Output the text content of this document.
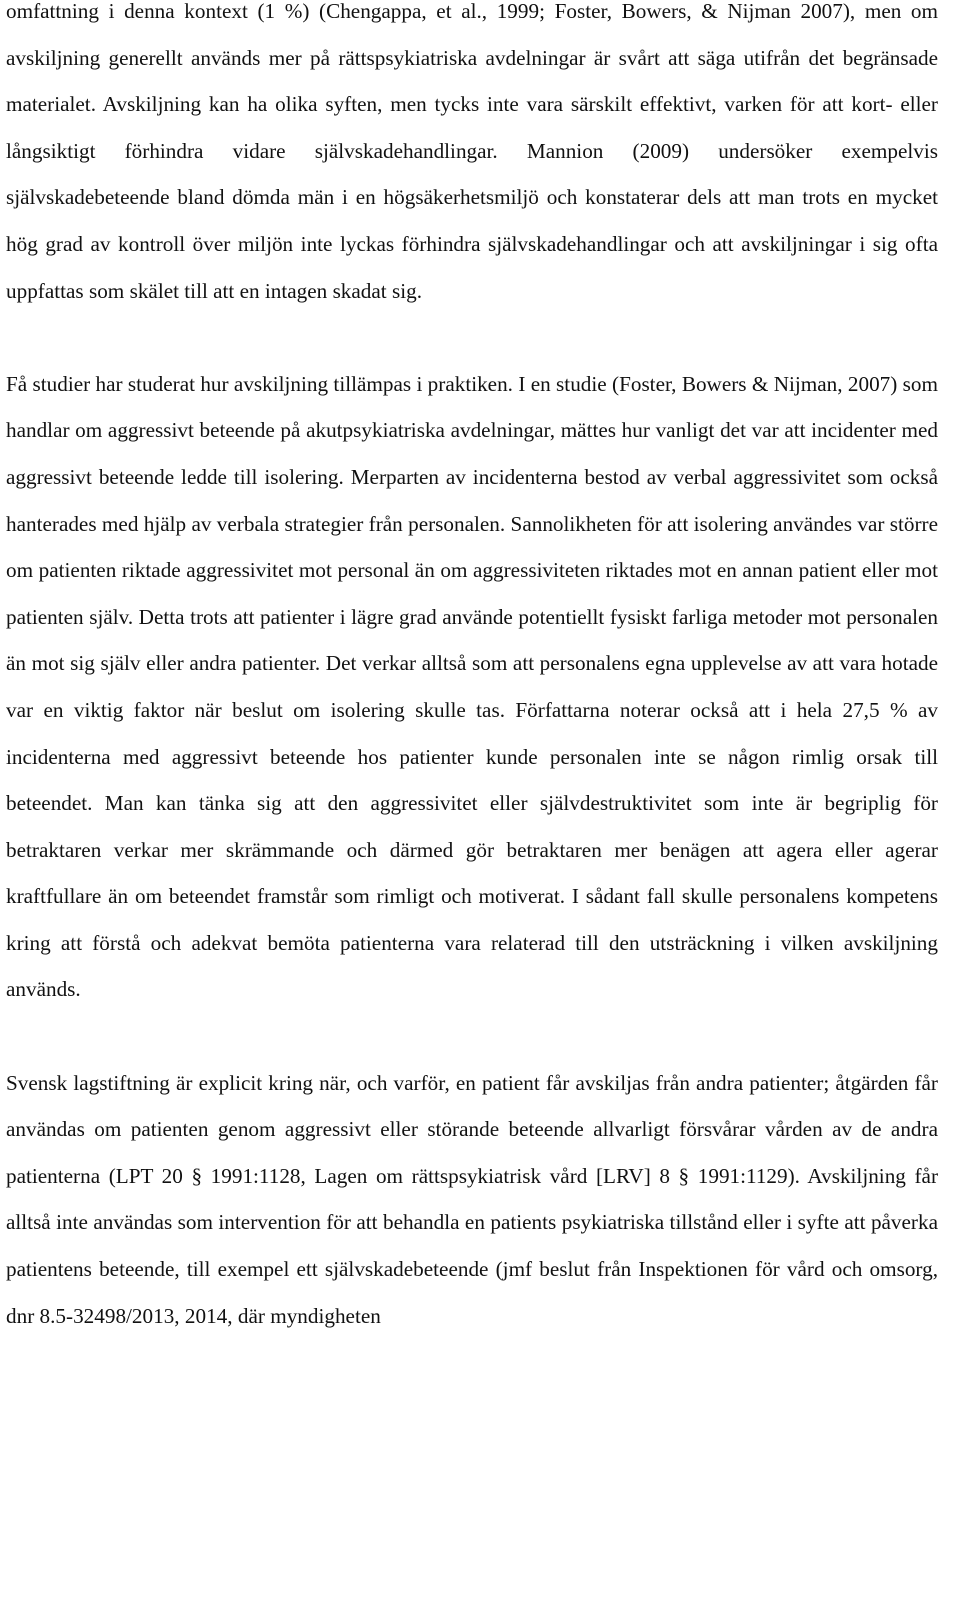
omfattning i denna kontext (1 %) (Chengappa, et al., 1999; Foster, Bowers, & Nijman 2007), men om avskiljning generellt används mer på rättspsykiatriska avdelningar är svårt att säga utifrån det begränsade materialet. Avskiljning kan ha olika syften, men tycks inte vara särskilt effektivt, varken för att kort- eller långsiktigt förhindra vidare självskadehandlingar. Mannion (2009) undersöker exempelvis självskadebeteende bland dömda män i en högsäkerhetsmiljö och konstaterar dels att man trots en mycket hög grad av kontroll över miljön inte lyckas förhindra självskadehandlingar och att avskiljningar i sig ofta uppfattas som skälet till att en intagen skadat sig.

Få studier har studerat hur avskiljning tillämpas i praktiken. I en studie (Foster, Bowers & Nijman, 2007) som handlar om aggressivt beteende på akutpsykiatriska avdelningar, mättes hur vanligt det var att incidenter med aggressivt beteende ledde till isolering. Merparten av incidenterna bestod av verbal aggressivitet som också hanterades med hjälp av verbala strategier från personalen. Sannolikheten för att isolering användes var större om patienten riktade aggressivitet mot personal än om aggressiviteten riktades mot en annan patient eller mot patienten själv. Detta trots att patienter i lägre grad använde potentiellt fysiskt farliga metoder mot personalen än mot sig själv eller andra patienter. Det verkar alltså som att personalens egna upplevelse av att vara hotade var en viktig faktor när beslut om isolering skulle tas. Författarna noterar också att i hela 27,5 % av incidenterna med aggressivt beteende hos patienter kunde personalen inte se någon rimlig orsak till beteendet. Man kan tänka sig att den aggressivitet eller självdestruktivitet som inte är begriplig för betraktaren verkar mer skrämmande och därmed gör betraktaren mer benägen att agera eller agerar kraftfullare än om beteendet framstår som rimligt och motiverat. I sådant fall skulle personalens kompetens kring att förstå och adekvat bemöta patienterna vara relaterad till den utsträckning i vilken avskiljning används.

Svensk lagstiftning är explicit kring när, och varför, en patient får avskiljas från andra patienter; åtgärden får användas om patienten genom aggressivt eller störande beteende allvarligt försvårar vården av de andra patienterna (LPT 20 § 1991:1128, Lagen om rättspsykiatrisk vård [LRV] 8 § 1991:1129). Avskiljning får alltså inte användas som intervention för att behandla en patients psykiatriska tillstånd eller i syfte att påverka patientens beteende, till exempel ett självskadebeteende (jmf beslut från Inspektionen för vård och omsorg, dnr 8.5-32498/2013, 2014, där myndigheten
